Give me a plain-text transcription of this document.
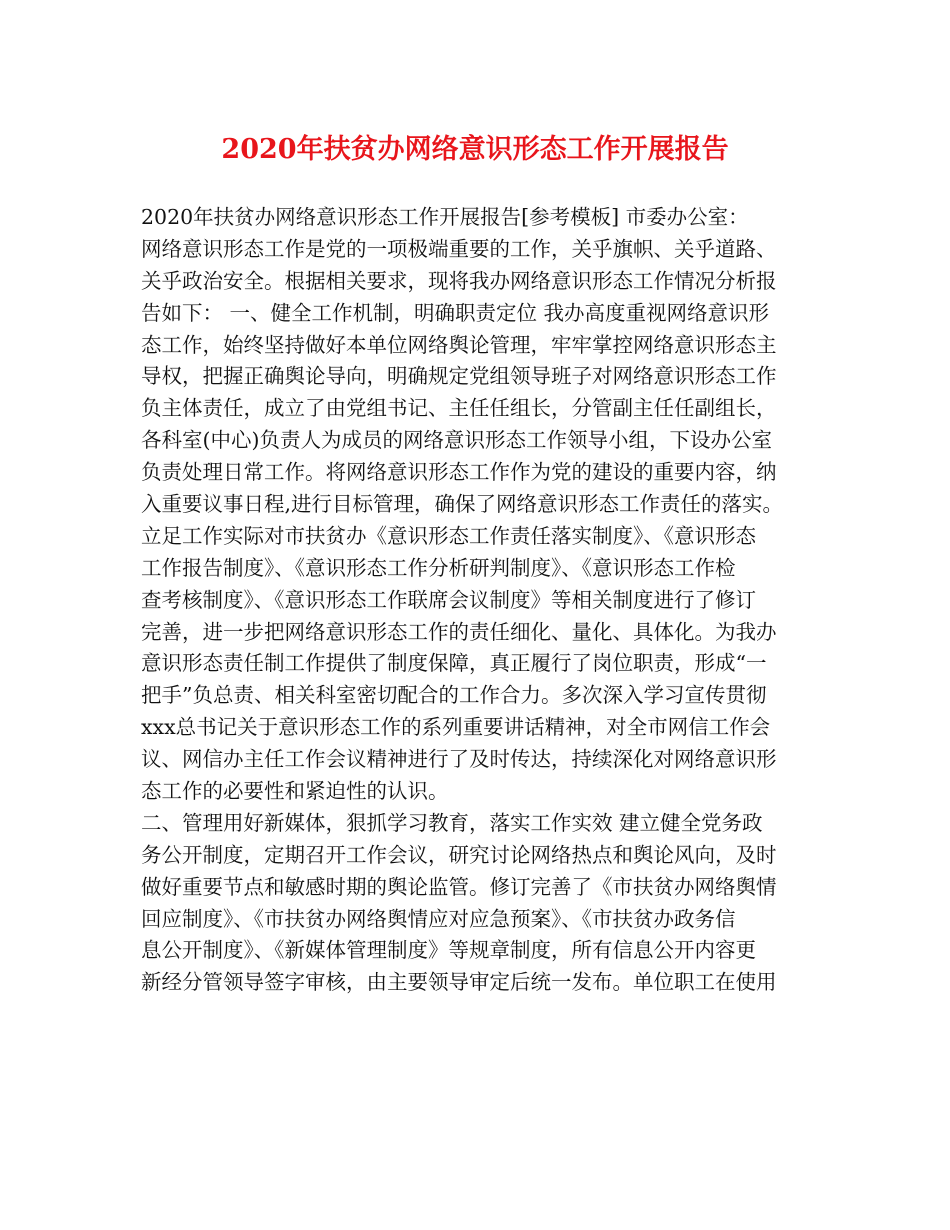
2020年扶贫办网络意识形态工作开展报告
2020年扶贫办网络意识形态工作开展报告[参考模板] 市委办公室：
网络意识形态工作是党的一项极端重要的工作，关乎旗帜、关乎道路、
关乎政治安全。根据相关要求，现将我办网络意识形态工作情况分析报
告如下： 一、健全工作机制，明确职责定位 我办高度重视网络意识形
态工作，始终坚持做好本单位网络舆论管理，牢牢掌控网络意识形态主
导权，把握正确舆论导向，明确规定党组领导班子对网络意识形态工作
负主体责任，成立了由党组书记、主任任组长，分管副主任任副组长，
各科室(中心)负责人为成员的网络意识形态工作领导小组，下设办公室
负责处理日常工作。将网络意识形态工作作为党的建设的重要内容，纳
入重要议事日程,进行目标管理，确保了网络意识形态工作责任的落实。
立足工作实际对市扶贫办《意识形态工作责任落实制度》、《意识形态
工作报告制度》、《意识形态工作分析研判制度》、《意识形态工作检
查考核制度》、《意识形态工作联席会议制度》等相关制度进行了修订
完善，进一步把网络意识形态工作的责任细化、量化、具体化。为我办
意识形态责任制工作提供了制度保障，真正履行了岗位职责，形成“一
把手”负总责、相关科室密切配合的工作合力。多次深入学习宣传贯彻
xxx总书记关于意识形态工作的系列重要讲话精神，对全市网信工作会
议、网信办主任工作会议精神进行了及时传达，持续深化对网络意识形
态工作的必要性和紧迫性的认识。
二、管理用好新媒体，狠抓学习教育，落实工作实效 建立健全党务政
务公开制度，定期召开工作会议，研究讨论网络热点和舆论风向，及时
做好重要节点和敏感时期的舆论监管。修订完善了《市扶贫办网络舆情
回应制度》、《市扶贫办网络舆情应对应急预案》、《市扶贫办政务信
息公开制度》、《新媒体管理制度》等规章制度，所有信息公开内容更
新经分管领导签字审核，由主要领导审定后统一发布。单位职工在使用
